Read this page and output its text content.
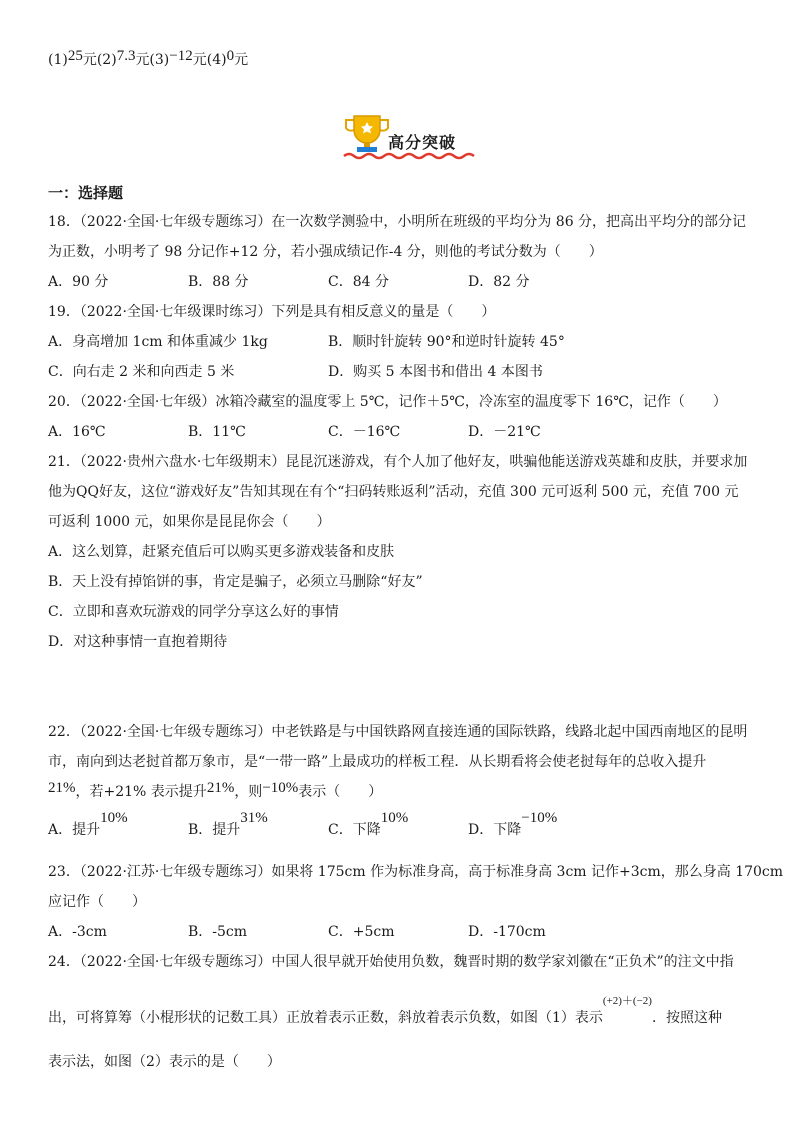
(1)25元(2)7.3元(3)−12元(4)0元
高分突破
一：选择题
18．（2022·全国·七年级专题练习）在一次数学测验中，小明所在班级的平均分为 86 分，把高出平均分的部分记
为正数，小明考了 98 分记作+12 分，若小强成绩记作-4 分，则他的考试分数为（　　）
A．90 分	B．88 分	C．84 分	D．82 分
19．（2022·全国·七年级课时练习）下列是具有相反意义的量是（　　）
A．身高增加 1cm 和体重减少 1kg	B．顺时针旋转 90°和逆时针旋转 45°
C．向右走 2 米和向西走 5 米	D．购买 5 本图书和借出 4 本图书
20．（2022·全国·七年级）冰箱冷藏室的温度零上 5℃，记作＋5℃，冷冻室的温度零下 16℃，记作（　　）
A．16℃	B．11℃	C．－16℃	D．－21℃
21．（2022·贵州六盘水·七年级期末）昆昆沉迷游戏，有个人加了他好友，哄骗他能送游戏英雄和皮肤，并要求加
他为QQ好友，这位“游戏好友”告知其现在有个“扫码转账返利”活动，充值 300 元可返利 500 元，充值 700 元
可返利 1000 元，如果你是昆昆你会（　　）
A．这么划算，赶紧充值后可以购买更多游戏装备和皮肤
B．天上没有掉馅饼的事，肯定是骗子，必须立马删除“好友”
C．立即和喜欢玩游戏的同学分享这么好的事情
D．对这种事情一直抱着期待
22．（2022·全国·七年级专题练习）中老铁路是与中国铁路网直接连通的国际铁路，线路北起中国西南地区的昆明
市，南向到达老挝首都万象市，是“一带一路”上最成功的样板工程．从长期看将会使老挝每年的总收入提升
21%，若+21% 表示提升21%，则−10%表示（　　）
A．提升10%
B．提升31%
C．下降10%
D．下降−10%
23．（2022·江苏·七年级专题练习）如果将 175cm 作为标准身高，高于标准身高 3cm 记作+3cm，那么身高 170cm
应记作（　　）
A．-3cm	B．-5cm	C．+5cm	D．-170cm
24．（2022·全国·七年级专题练习）中国人很早就开始使用负数，魏晋时期的数学家刘徽在“正负术”的注文中指
出，可将算筹（小棍形状的记数工具）正放着表示正数，斜放着表示负数，如图（1）表示$^{(+2)+(-2)}$．按照这种
表示法，如图（2）表示的是（　　）
